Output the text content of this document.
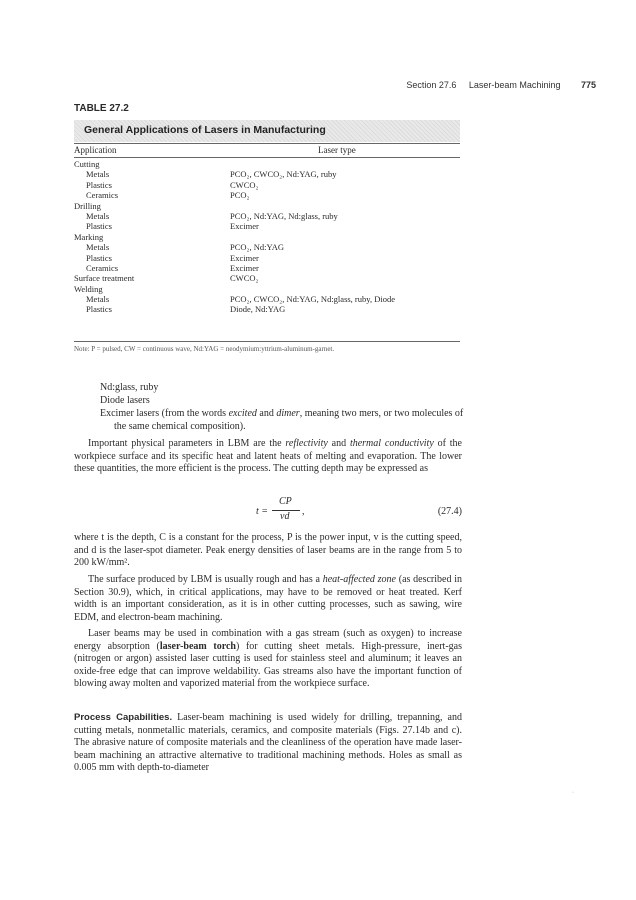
Section 27.6 Laser-beam Machining 775
TABLE 27.2
General Applications of Lasers in Manufacturing
Application	Laser type
Cutting
Metals	PCO₂, CWCO₂, Nd:YAG, ruby
Plastics	CWCO₂
Ceramics	PCO₂
Drilling
Metals	PCO₂, Nd:YAG, Nd:glass, ruby
Plastics	Excimer
Marking
Metals	PCO₂, Nd:YAG
Plastics	Excimer
Ceramics	Excimer
Surface treatment	CWCO₂
Welding
Metals	PCO₂, CWCO₂, Nd:YAG, Nd:glass, ruby, Diode
Plastics	Diode, Nd:YAG
Note: P = pulsed, CW = continuous wave, Nd:YAG = neodymium:yttrium-aluminum-garnet.
Nd:glass, ruby
Diode lasers
Excimer lasers (from the words excited and dimer, meaning two mers, or two molecules of the same chemical composition).
Important physical parameters in LBM are the reflectivity and thermal conductivity of the workpiece surface and its specific heat and latent heats of melting and evaporation. The lower these quantities, the more efficient is the process. The cutting depth may be expressed as
t =
CP
vd ,	(27.4)
where t is the depth, C is a constant for the process, P is the power input, v is the cutting speed, and d is the laser-spot diameter. Peak energy densities of laser beams are in the range from 5 to 200 kW/mm².
The surface produced by LBM is usually rough and has a heat-affected zone (as described in Section 30.9), which, in critical applications, may have to be removed or heat treated. Kerf width is an important consideration, as it is in other cutting processes, such as sawing, wire EDM, and electron-beam machining.
Laser beams may be used in combination with a gas stream (such as oxygen) to increase energy absorption (laser-beam torch) for cutting sheet metals. High-pressure, inert-gas (nitrogen or argon) assisted laser cutting is used for stainless steel and aluminum; it leaves an oxide-free edge that can improve weldability. Gas streams also have the important function of blowing away molten and vaporized material from the workpiece surface.
Process Capabilities. Laser-beam machining is used widely for drilling, trepanning, and cutting metals, nonmetallic materials, ceramics, and composite materials (Figs. 27.14b and c). The abrasive nature of composite materials and the cleanliness of the operation have made laser-beam machining an attractive alternative to traditional machining methods. Holes as small as 0.005 mm with depth-to-diameter
·
